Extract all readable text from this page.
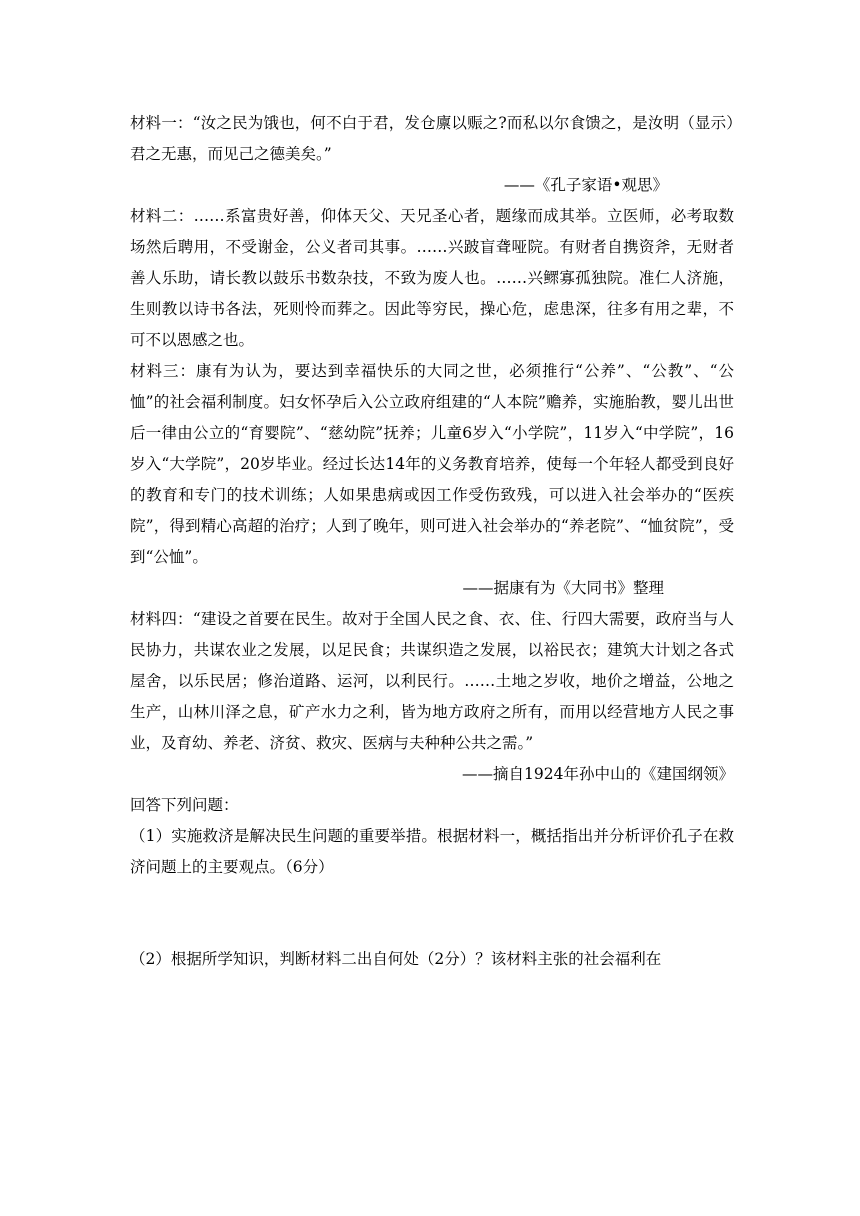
材料一：“汝之民为饿也，何不白于君，发仓廪以赈之?而私以尔食馈之，是汝明（显示）君之无惠，而见己之德美矣。”

——《孔子家语•观思》

材料二：……系富贵好善，仰体天父、天兄圣心者，题缘而成其举。立医师，必考取数场然后聘用，不受谢金，公义者司其事。……兴跛盲聋哑院。有财者自携资斧，无财者善人乐助，请长教以鼓乐书数杂技，不致为废人也。……兴鳏寡孤独院。准仁人济施，生则教以诗书各法，死则怜而葬之。因此等穷民，操心危，虑患深，往多有用之辈，不可不以恩感之也。

材料三：康有为认为，要达到幸福快乐的大同之世，必须推行“公养”、“公教”、“公恤”的社会福利制度。妇女怀孕后入公立政府组建的“人本院”赡养，实施胎教，婴儿出世后一律由公立的“育婴院”、“慈幼院”抚养；儿童6岁入“小学院”，11岁入“中学院”，16岁入“大学院”，20岁毕业。经过长达14年的义务教育培养，使每一个年轻人都受到良好的教育和专门的技术训练；人如果患病或因工作受伤致残，可以进入社会举办的“医疾院”，得到精心高超的治疗；人到了晚年，则可进入社会举办的“养老院”、“恤贫院”，受到“公恤”。

——据康有为《大同书》整理

材料四：“建设之首要在民生。故对于全国人民之食、衣、住、行四大需要，政府当与人民协力，共谋农业之发展，以足民食；共谋织造之发展，以裕民衣；建筑大计划之各式屋舍，以乐民居；修治道路、运河，以利民行。……土地之岁收，地价之增益，公地之生产，山林川泽之息，矿产水力之利，皆为地方政府之所有，而用以经营地方人民之事业，及育幼、养老、济贫、救灾、医病与夫种种公共之需。”

——摘自1924年孙中山的《建国纲领》

回答下列问题：

（1）实施救济是解决民生问题的重要举措。根据材料一，概括指出并分析评价孔子在救济问题上的主要观点。（6分）

（2）根据所学知识，判断材料二出自何处（2分）？该材料主张的社会福利在
